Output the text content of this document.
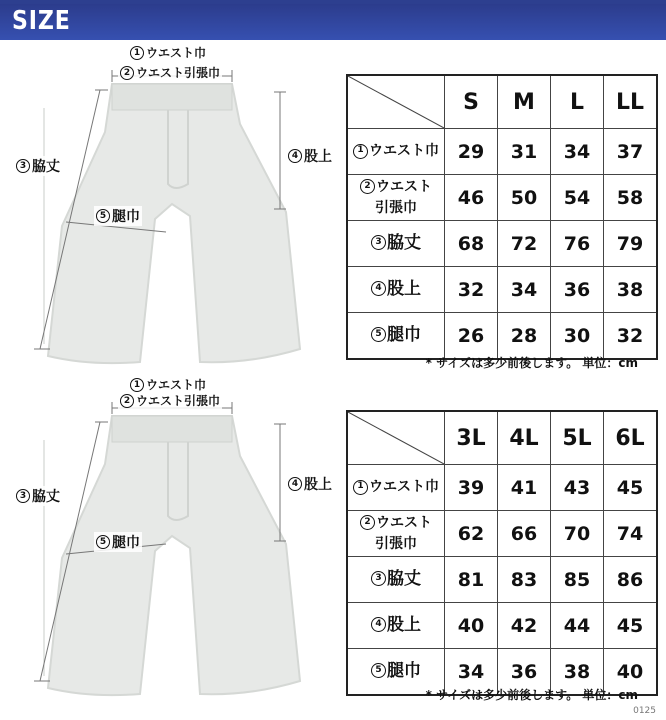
SIZE
1 ウエスト巾
2 ウエスト引張巾
3 脇丈
4 股上
5 腿巾
	S	M	L	LL
1 ウエスト巾	29	31	34	37
2 ウエスト
引張巾	46	50	54	58
3 脇丈	68	72	76	79
4 股上	32	34	36	38
5 腿巾	26	28	30	32
* サイズは多少前後します。 単位：cm
1 ウエスト巾
2 ウエスト引張巾
3 脇丈
4 股上
5 腿巾
	3L	4L	5L	6L
1 ウエスト巾	39	41	43	45
2 ウエスト
引張巾	62	66	70	74
3 脇丈	81	83	85	86
4 股上	40	42	44	45
5 腿巾	34	36	38	40
* サイズは多少前後します。 単位：cm
0125
